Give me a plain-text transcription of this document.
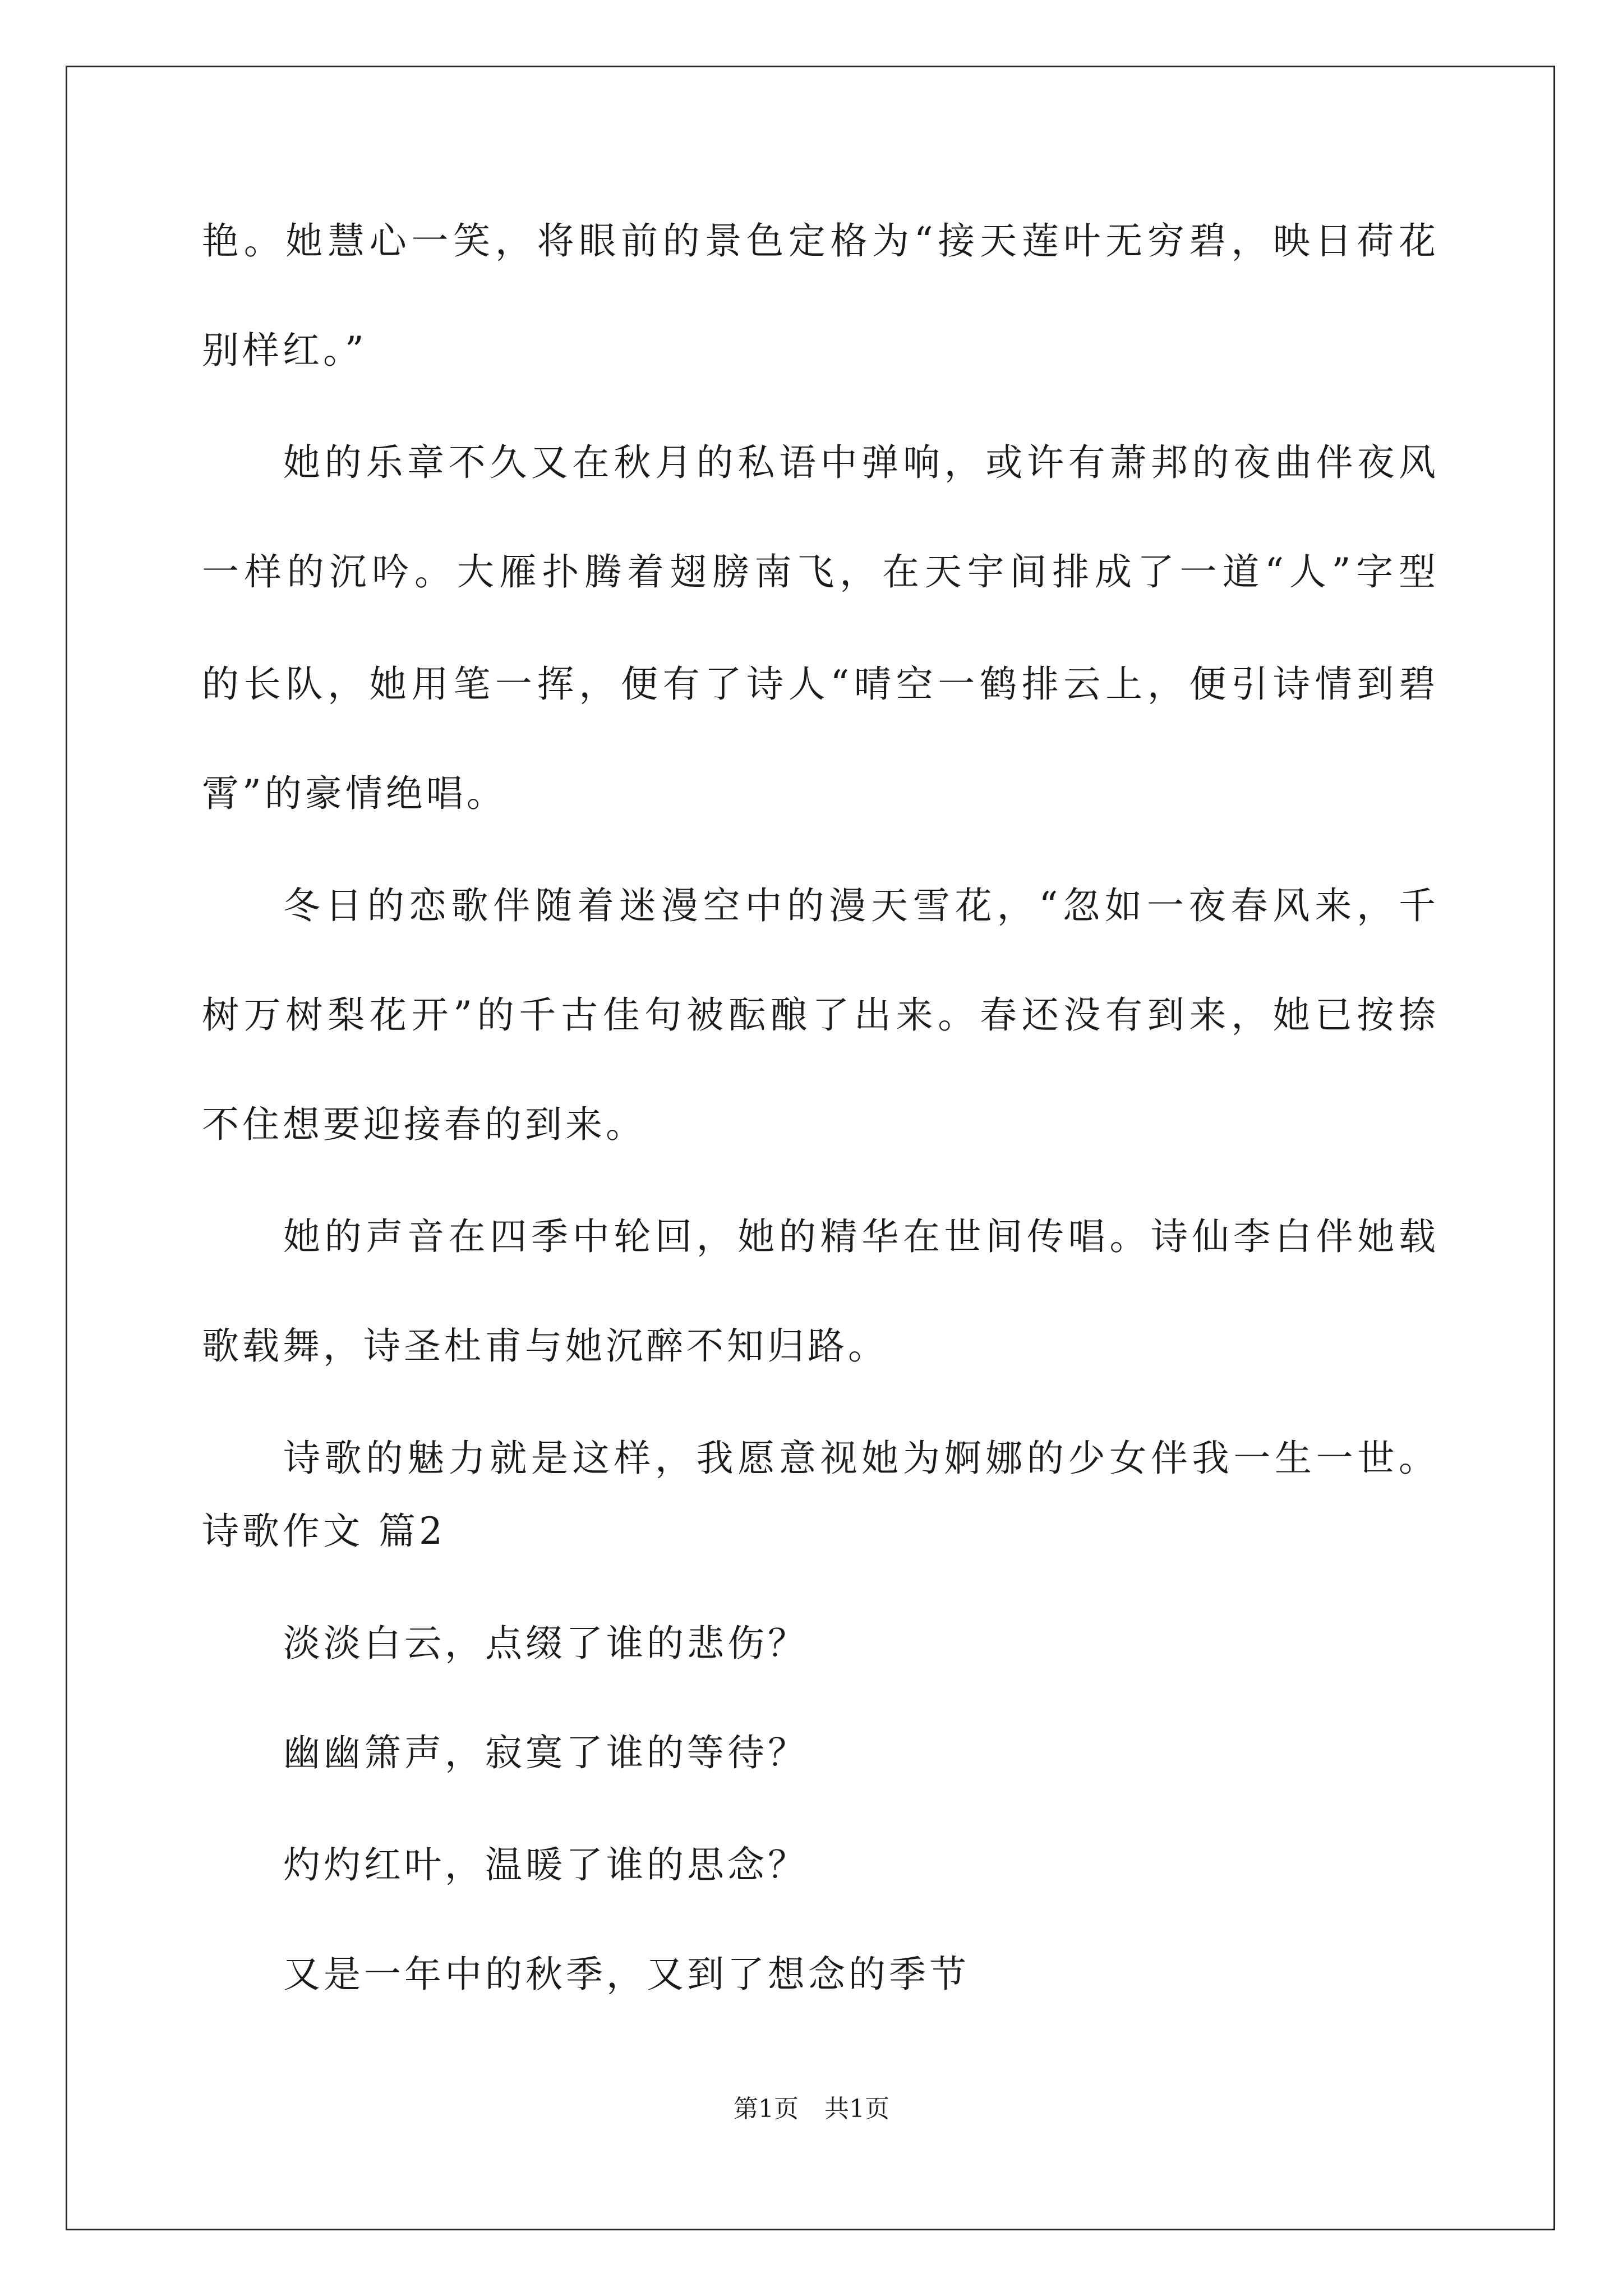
艳。她慧心一笑，将眼前的景色定格为“接天莲叶无穷碧，映日荷花
别样红。”
她的乐章不久又在秋月的私语中弹响，或许有萧邦的夜曲伴夜风
一样的沉吟。大雁扑腾着翅膀南飞，在天宇间排成了一道“人”字型
的长队，她用笔一挥，便有了诗人“晴空一鹤排云上，便引诗情到碧
霄”的豪情绝唱。
冬日的恋歌伴随着迷漫空中的漫天雪花，“忽如一夜春风来，千
树万树梨花开”的千古佳句被酝酿了出来。春还没有到来，她已按捺
不住想要迎接春的到来。
她的声音在四季中轮回，她的精华在世间传唱。诗仙李白伴她载
歌载舞，诗圣杜甫与她沉醉不知归路。
诗歌的魅力就是这样，我愿意视她为婀娜的少女伴我一生一世。
诗歌作文 篇2
淡淡白云，点缀了谁的悲伤？
幽幽箫声，寂寞了谁的等待？
灼灼红叶，温暖了谁的思念？
又是一年中的秋季，又到了想念的季节
第1页 共1页
